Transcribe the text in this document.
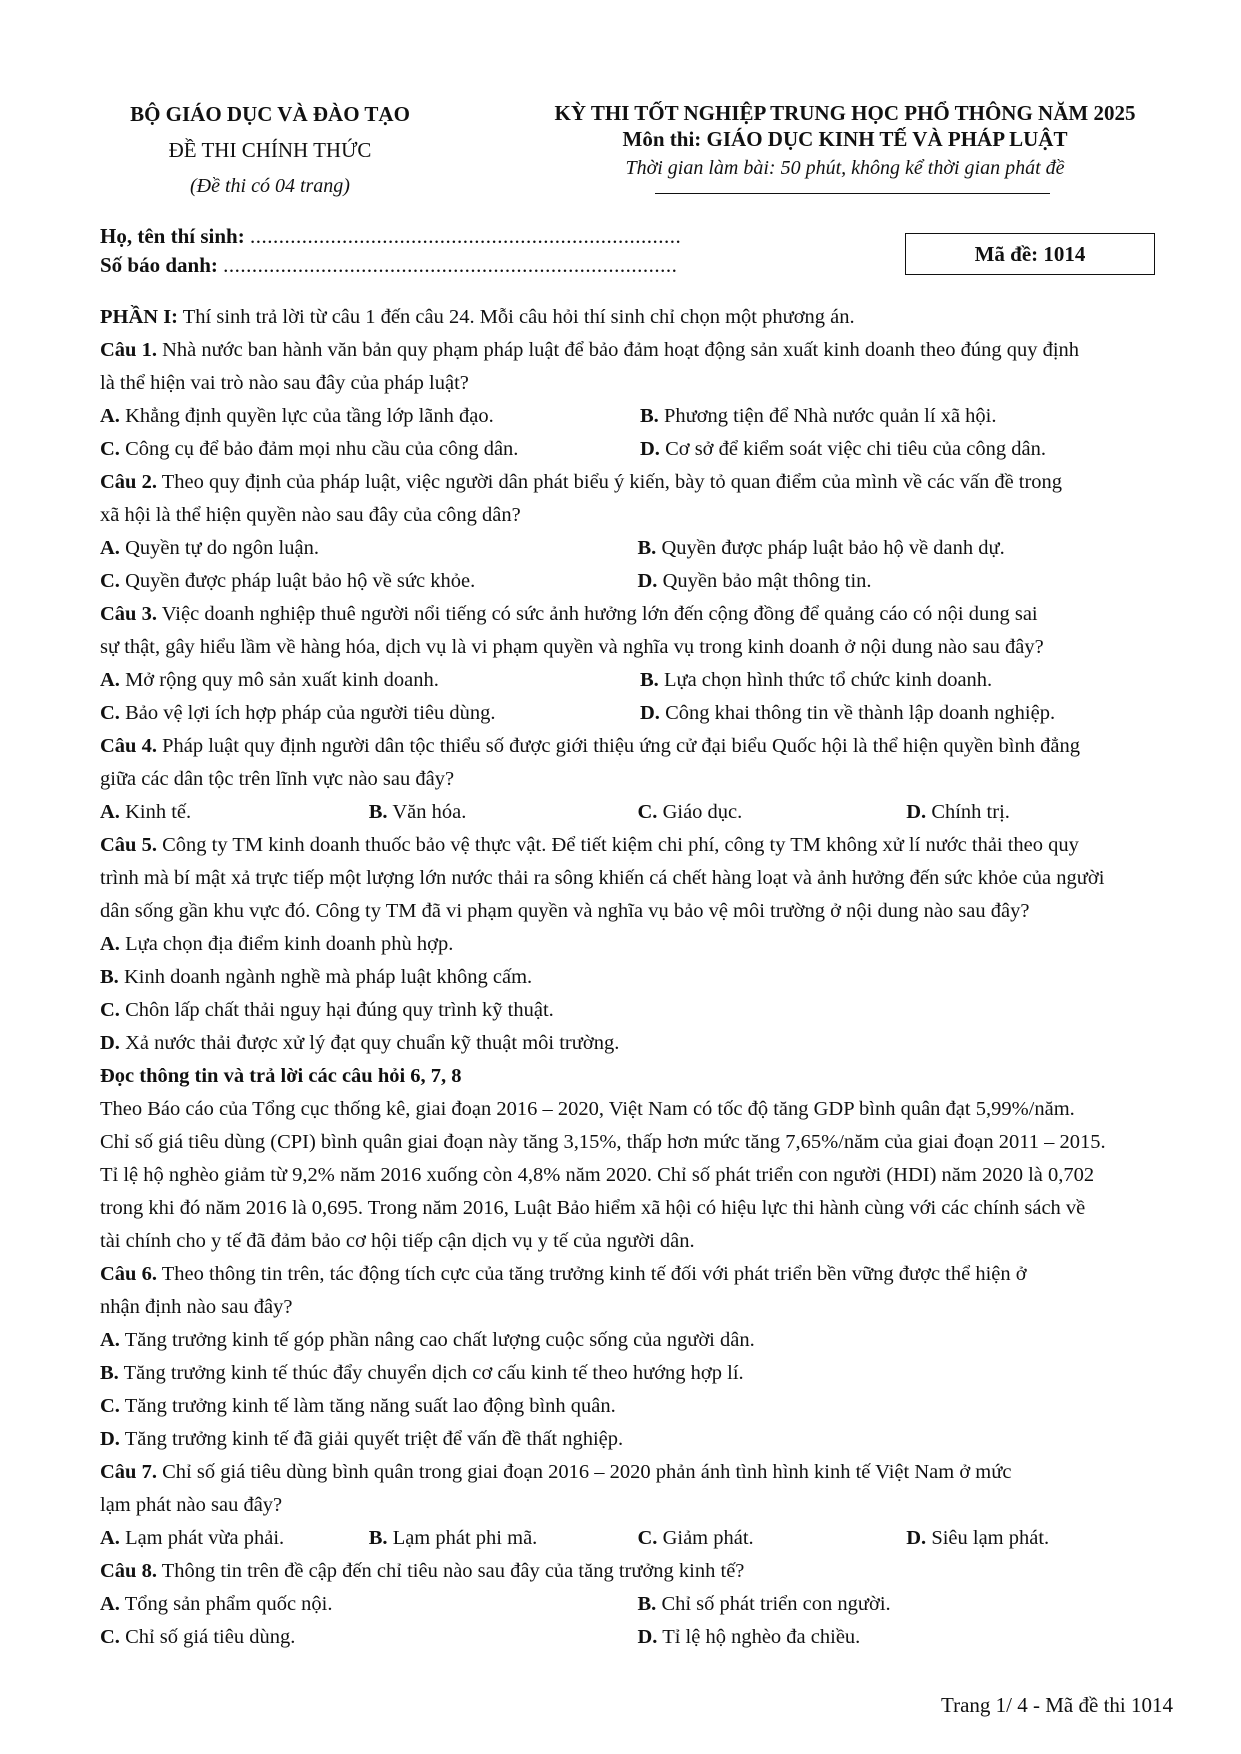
BỘ GIÁO DỤC VÀ ĐÀO TẠO
ĐỀ THI CHÍNH THỨC
(Đề thi có 04 trang)
KỲ THI TỐT NGHIỆP TRUNG HỌC PHỔ THÔNG NĂM 2025
Môn thi: GIÁO DỤC KINH TẾ VÀ PHÁP LUẬT
Thời gian làm bài: 50 phút, không kể thời gian phát đề
Họ, tên thí sinh: ...........................................................................
Số báo danh: ...............................................................................	Mã đề: 1014
PHẦN I: Thí sinh trả lời từ câu 1 đến câu 24. Mỗi câu hỏi thí sinh chỉ chọn một phương án.
Câu 1. Nhà nước ban hành văn bản quy phạm pháp luật để bảo đảm hoạt động sản xuất kinh doanh theo đúng quy định
là thể hiện vai trò nào sau đây của pháp luật?
A. Khẳng định quyền lực của tầng lớp lãnh đạo.	B. Phương tiện để Nhà nước quản lí xã hội.
C. Công cụ để bảo đảm mọi nhu cầu của công dân.	D. Cơ sở để kiểm soát việc chi tiêu của công dân.
Câu 2. Theo quy định của pháp luật, việc người dân phát biểu ý kiến, bày tỏ quan điểm của mình về các vấn đề trong
xã hội là thể hiện quyền nào sau đây của công dân?
A. Quyền tự do ngôn luận.	B. Quyền được pháp luật bảo hộ về danh dự.
C. Quyền được pháp luật bảo hộ về sức khỏe.	D. Quyền bảo mật thông tin.
Câu 3. Việc doanh nghiệp thuê người nổi tiếng có sức ảnh hưởng lớn đến cộng đồng để quảng cáo có nội dung sai
sự thật, gây hiểu lầm về hàng hóa, dịch vụ là vi phạm quyền và nghĩa vụ trong kinh doanh ở nội dung nào sau đây?
A. Mở rộng quy mô sản xuất kinh doanh.	B. Lựa chọn hình thức tổ chức kinh doanh.
C. Bảo vệ lợi ích hợp pháp của người tiêu dùng.	D. Công khai thông tin về thành lập doanh nghiệp.
Câu 4. Pháp luật quy định người dân tộc thiểu số được giới thiệu ứng cử đại biểu Quốc hội là thể hiện quyền bình đẳng
giữa các dân tộc trên lĩnh vực nào sau đây?
A. Kinh tế.	B. Văn hóa.	C. Giáo dục.	D. Chính trị.
Câu 5. Công ty TM kinh doanh thuốc bảo vệ thực vật. Để tiết kiệm chi phí, công ty TM không xử lí nước thải theo quy
trình mà bí mật xả trực tiếp một lượng lớn nước thải ra sông khiến cá chết hàng loạt và ảnh hưởng đến sức khỏe của người
dân sống gần khu vực đó. Công ty TM đã vi phạm quyền và nghĩa vụ bảo vệ môi trường ở nội dung nào sau đây?
A. Lựa chọn địa điểm kinh doanh phù hợp.
B. Kinh doanh ngành nghề mà pháp luật không cấm.
C. Chôn lấp chất thải nguy hại đúng quy trình kỹ thuật.
D. Xả nước thải được xử lý đạt quy chuẩn kỹ thuật môi trường.
Đọc thông tin và trả lời các câu hỏi 6, 7, 8
Theo Báo cáo của Tổng cục thống kê, giai đoạn 2016 – 2020, Việt Nam có tốc độ tăng GDP bình quân đạt 5,99%/năm.
Chỉ số giá tiêu dùng (CPI) bình quân giai đoạn này tăng 3,15%, thấp hơn mức tăng 7,65%/năm của giai đoạn 2011 – 2015.
Tỉ lệ hộ nghèo giảm từ 9,2% năm 2016 xuống còn 4,8% năm 2020. Chỉ số phát triển con người (HDI) năm 2020 là 0,702
trong khi đó năm 2016 là 0,695. Trong năm 2016, Luật Bảo hiểm xã hội có hiệu lực thi hành cùng với các chính sách về
tài chính cho y tế đã đảm bảo cơ hội tiếp cận dịch vụ y tế của người dân.
Câu 6. Theo thông tin trên, tác động tích cực của tăng trưởng kinh tế đối với phát triển bền vững được thể hiện ở
nhận định nào sau đây?
A. Tăng trưởng kinh tế góp phần nâng cao chất lượng cuộc sống của người dân.
B. Tăng trưởng kinh tế thúc đẩy chuyển dịch cơ cấu kinh tế theo hướng hợp lí.
C. Tăng trưởng kinh tế làm tăng năng suất lao động bình quân.
D. Tăng trưởng kinh tế đã giải quyết triệt để vấn đề thất nghiệp.
Câu 7. Chỉ số giá tiêu dùng bình quân trong giai đoạn 2016 – 2020 phản ánh tình hình kinh tế Việt Nam ở mức
lạm phát nào sau đây?
A. Lạm phát vừa phải.	B. Lạm phát phi mã.	C. Giảm phát.	D. Siêu lạm phát.
Câu 8. Thông tin trên đề cập đến chỉ tiêu nào sau đây của tăng trưởng kinh tế?
A. Tổng sản phẩm quốc nội.	B. Chỉ số phát triển con người.
C. Chỉ số giá tiêu dùng.	D. Tỉ lệ hộ nghèo đa chiều.
Trang 1/ 4 - Mã đề thi 1014
